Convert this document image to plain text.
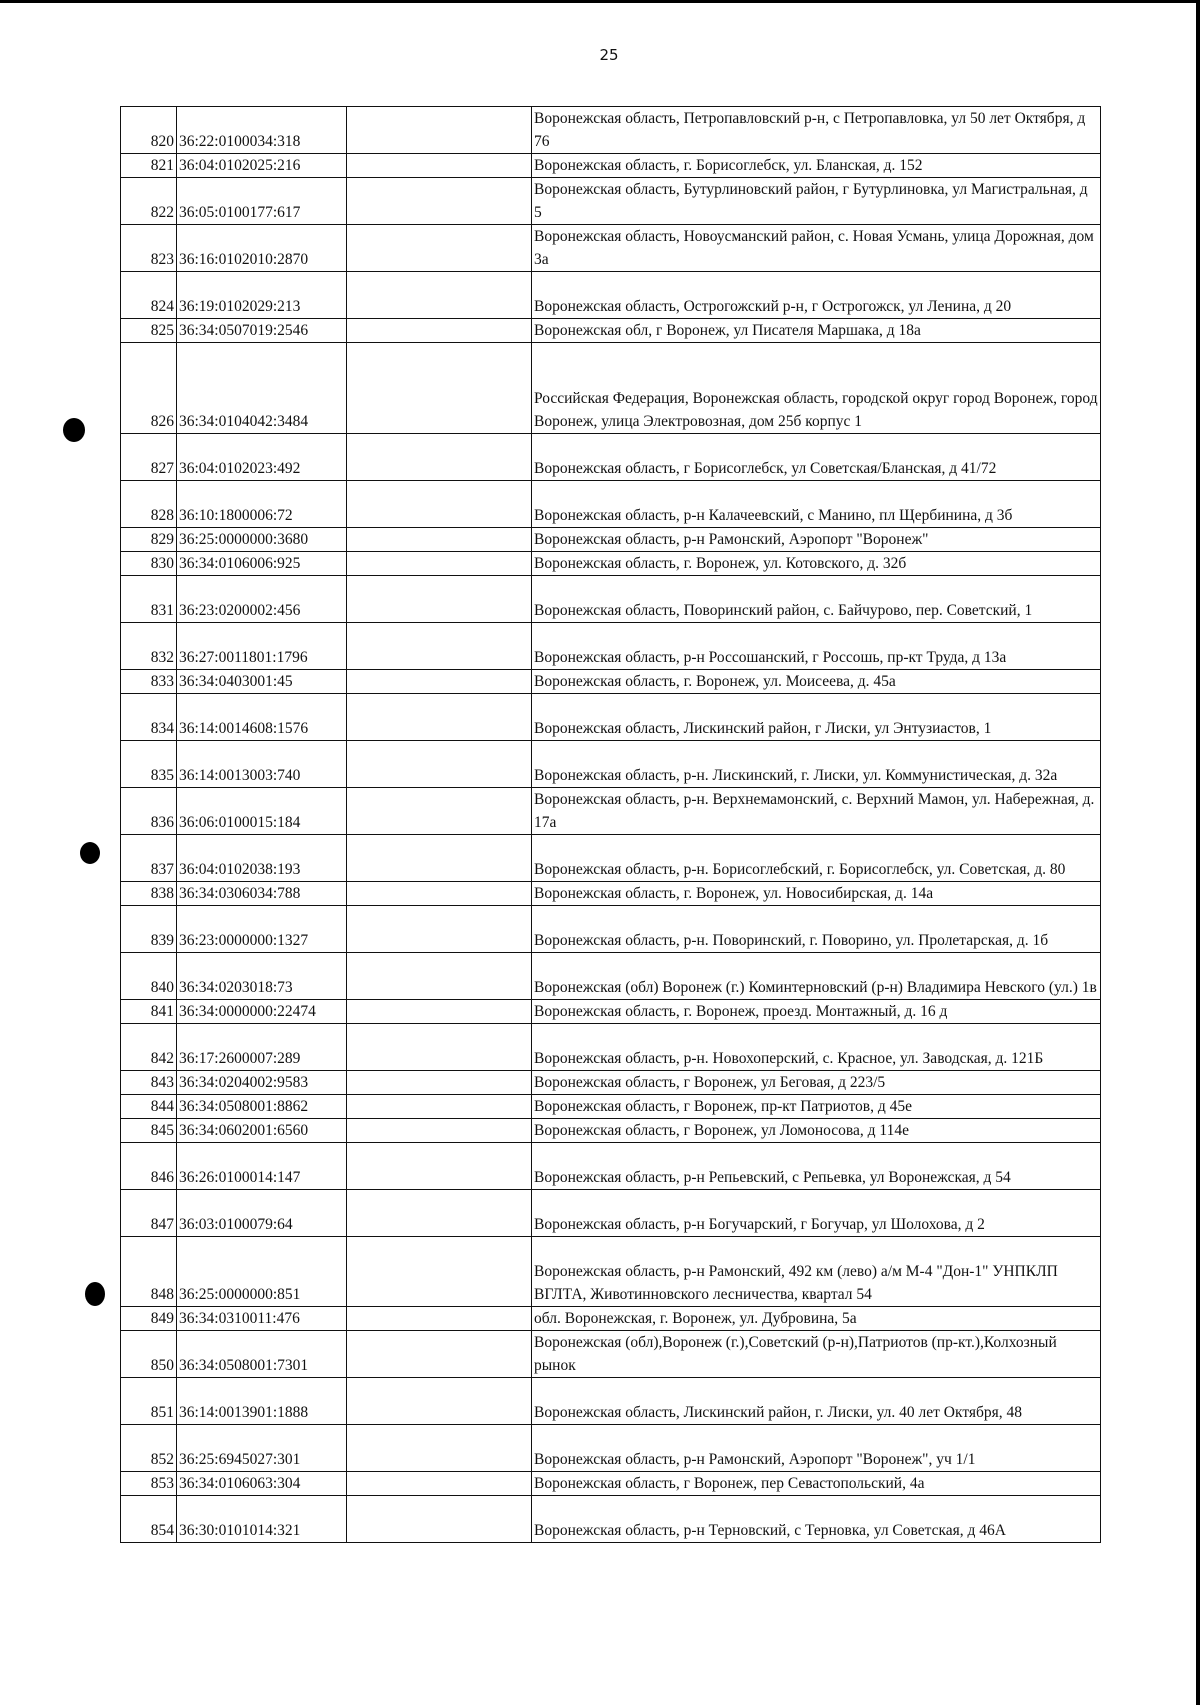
25
820	36:22:0100034:318		Воронежская область, Петропавловский р-н, с Петропавловка, ул 50 лет Октября, д 76
821	36:04:0102025:216		Воронежская область, г. Борисоглебск, ул. Бланская, д. 152
822	36:05:0100177:617		Воронежская область, Бутурлиновский район, г Бутурлиновка, ул Магистральная, д 5
823	36:16:0102010:2870		Воронежская область, Новоусманский район, с. Новая Усмань, улица Дорожная, дом 3а
824	36:19:0102029:213		Воронежская область, Острогожский р-н, г Острогожск, ул Ленина, д 20
825	36:34:0507019:2546		Воронежская обл, г Воронеж, ул Писателя Маршака, д 18а
826	36:34:0104042:3484		Российская Федерация, Воронежская область, городской округ город Воронеж, город Воронеж, улица Электровозная, дом 25б корпус 1
827	36:04:0102023:492		Воронежская область, г Борисоглебск, ул Советская/Бланская, д 41/72
828	36:10:1800006:72		Воронежская область, р-н Калачеевский, с Манино, пл Щербинина, д 3б
829	36:25:0000000:3680		Воронежская область, р-н Рамонский, Аэропорт "Воронеж"
830	36:34:0106006:925		Воронежская область, г. Воронеж, ул. Котовского, д. 32б
831	36:23:0200002:456		Воронежская область, Поворинский район, с. Байчурово, пер. Советский, 1
832	36:27:0011801:1796		Воронежская область, р-н Россошанский, г Россошь, пр-кт Труда, д 13а
833	36:34:0403001:45		Воронежская область, г. Воронеж, ул. Моисеева, д. 45а
834	36:14:0014608:1576		Воронежская область, Лискинский район, г Лиски, ул Энтузиастов, 1
835	36:14:0013003:740		Воронежская область, р-н. Лискинский, г. Лиски, ул. Коммунистическая, д. 32а
836	36:06:0100015:184		Воронежская область, р-н. Верхнемамонский, с. Верхний Мамон, ул. Набережная, д. 17а
837	36:04:0102038:193		Воронежская область, р-н. Борисоглебский, г. Борисоглебск, ул. Советская, д. 80
838	36:34:0306034:788		Воронежская область, г. Воронеж, ул. Новосибирская, д. 14а
839	36:23:0000000:1327		Воронежская область, р-н. Поворинский, г. Поворино, ул. Пролетарская, д. 1б
840	36:34:0203018:73		Воронежская (обл) Воронеж (г.) Коминтерновский (р-н) Владимира Невского (ул.) 1в
841	36:34:0000000:22474		Воронежская область, г. Воронеж, проезд. Монтажный, д. 16 д
842	36:17:2600007:289		Воронежская область, р-н. Новохоперский, с. Красное, ул. Заводская, д. 121Б
843	36:34:0204002:9583		Воронежская область, г Воронеж, ул Беговая, д 223/5
844	36:34:0508001:8862		Воронежская область, г Воронеж, пр-кт Патриотов, д 45е
845	36:34:0602001:6560		Воронежская область, г Воронеж, ул Ломоносова, д 114е
846	36:26:0100014:147		Воронежская область, р-н Репьевский, с Репьевка, ул Воронежская, д 54
847	36:03:0100079:64		Воронежская область, р-н Богучарский, г Богучар, ул Шолохова, д 2
848	36:25:0000000:851		Воронежская область, р-н Рамонский, 492 км (лево) а/м М-4 "Дон-1" УНПКЛП ВГЛТА, Животинновского лесничества, квартал 54
849	36:34:0310011:476		обл. Воронежская, г. Воронеж, ул. Дубровина, 5а
850	36:34:0508001:7301		Воронежская (обл),Воронеж (г.),Советский (р-н),Патриотов (пр-кт.),Колхозный рынок
851	36:14:0013901:1888		Воронежская область, Лискинский район, г. Лиски, ул. 40 лет Октября, 48
852	36:25:6945027:301		Воронежская область, р-н Рамонский, Аэропорт "Воронеж", уч 1/1
853	36:34:0106063:304		Воронежская область, г Воронеж, пер Севастопольский, 4а
854	36:30:0101014:321		Воронежская область, р-н Терновский, с Терновка, ул Советская, д 46А
